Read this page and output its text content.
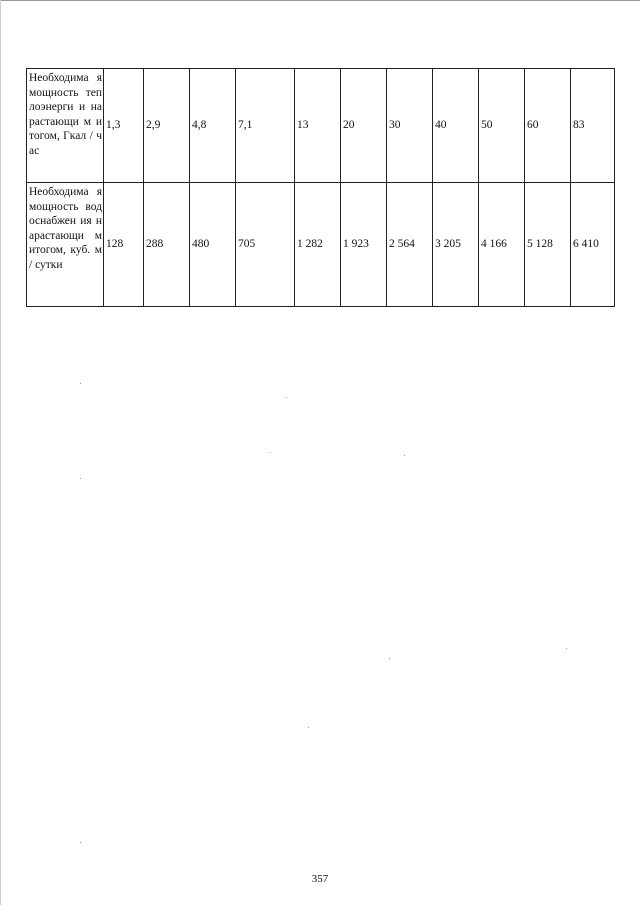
Необходима я мощность теплоэнерги и нарастающи м итогом, Гкал / час	1,3	2,9	4,8	7,1	13	20	30	40	50	60	83
Необходима я мощность водоснабжен ия нарастающи м итогом, куб. м / сутки	128	288	480	705	1 282	1 923	2 564	3 205	4 166	5 128	6 410
357
